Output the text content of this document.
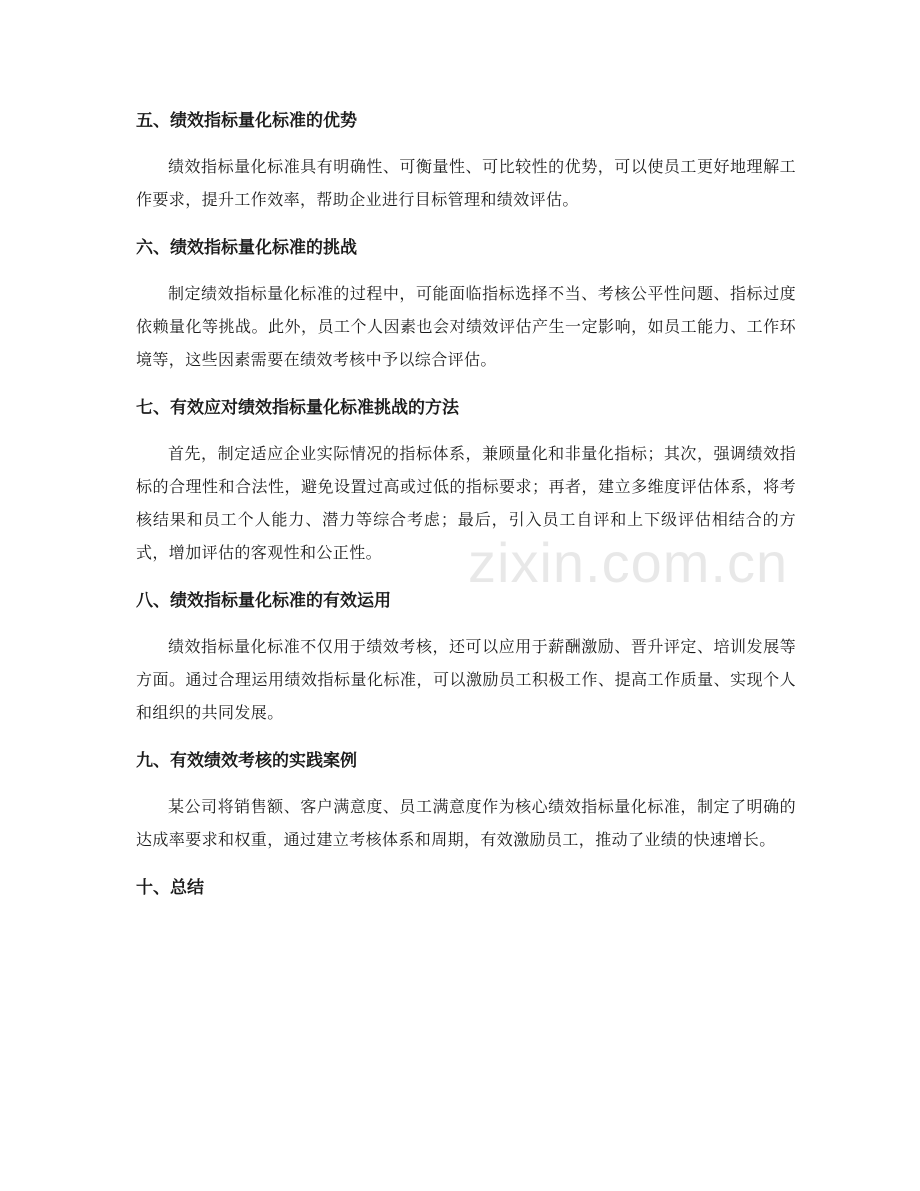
五、绩效指标量化标准的优势

绩效指标量化标准具有明确性、可衡量性、可比较性的优势，可以使员工更好地理解工作要求，提升工作效率，帮助企业进行目标管理和绩效评估。

六、绩效指标量化标准的挑战

制定绩效指标量化标准的过程中，可能面临指标选择不当、考核公平性问题、指标过度依赖量化等挑战。此外，员工个人因素也会对绩效评估产生一定影响，如员工能力、工作环境等，这些因素需要在绩效考核中予以综合评估。

七、有效应对绩效指标量化标准挑战的方法

首先，制定适应企业实际情况的指标体系，兼顾量化和非量化指标；其次，强调绩效指标的合理性和合法性，避免设置过高或过低的指标要求；再者，建立多维度评估体系，将考核结果和员工个人能力、潜力等综合考虑；最后，引入员工自评和上下级评估相结合的方式，增加评估的客观性和公正性。

八、绩效指标量化标准的有效运用

绩效指标量化标准不仅用于绩效考核，还可以应用于薪酬激励、晋升评定、培训发展等方面。通过合理运用绩效指标量化标准，可以激励员工积极工作、提高工作质量、实现个人和组织的共同发展。

九、有效绩效考核的实践案例

某公司将销售额、客户满意度、员工满意度作为核心绩效指标量化标准，制定了明确的达成率要求和权重，通过建立考核体系和周期，有效激励员工，推动了业绩的快速增长。

十、总结
zixin.com.cn
